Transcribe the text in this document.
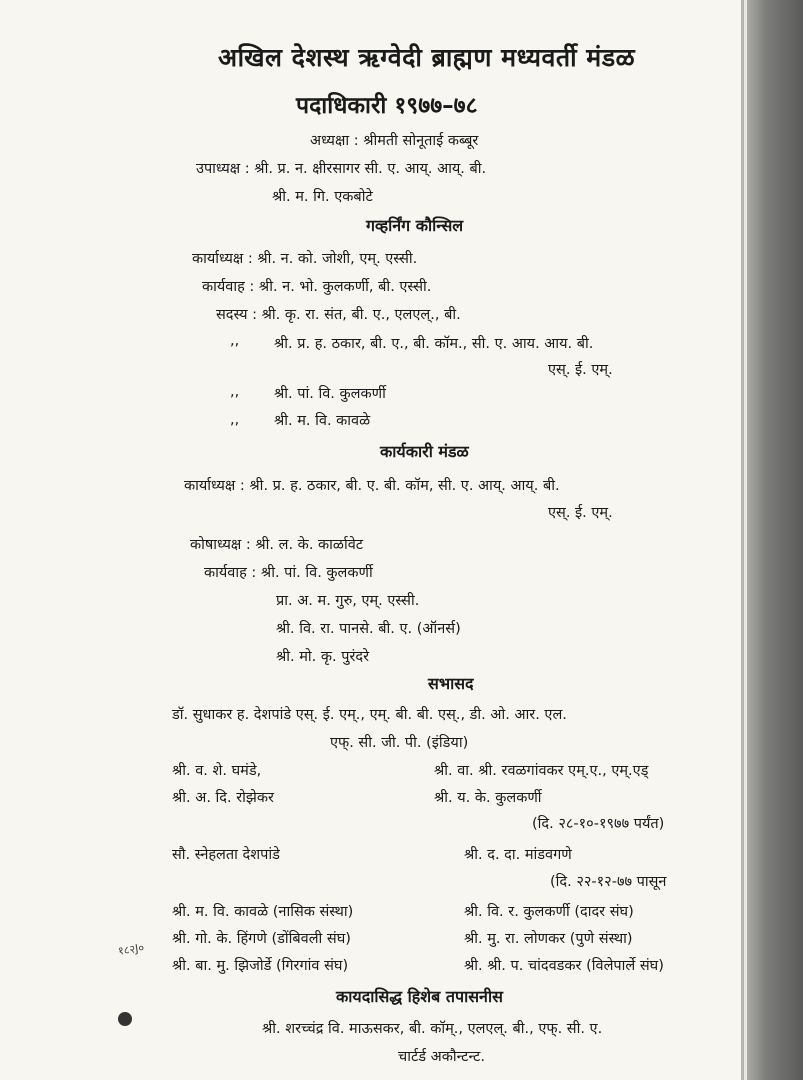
अखिल देशस्थ ऋग्वेदी ब्राह्मण मध्यवर्ती मंडळ
पदाधिकारी १९७७–७८
अध्यक्षा : श्रीमती सोनूताई कब्बूर
उपाध्यक्ष : श्री. प्र. न. क्षीरसागर सी. ए. आय्. आय्. बी.
श्री. म. गि. एकबोटे
गव्हर्निंग कौन्सिल
कार्याध्यक्ष : श्री. न. को. जोशी, एम्. एस्सी.
कार्यवाह : श्री. न. भो. कुलकर्णी, बी. एस्सी.
सदस्य : श्री. कृ. रा. संत, बी. ए., एलएल्., बी.
,, श्री. प्र. ह. ठकार, बी. ए., बी. कॉम., सी. ए. आय. आय. बी.
एस्. ई. एम्.
,, श्री. पां. वि. कुलकर्णी
,, श्री. म. वि. कावळे
कार्यकारी मंडळ
कार्याध्यक्ष : श्री. प्र. ह. ठकार, बी. ए. बी. कॉम, सी. ए. आय्. आय्. बी.
एस्. ई. एम्.
कोषाध्यक्ष : श्री. ल. के. कार्ळावेट
कार्यवाह : श्री. पां. वि. कुलकर्णी
प्रा. अ. म. गुरु, एम्. एस्सी.
श्री. वि. रा. पानसे. बी. ए. (ऑनर्स)
श्री. मो. कृ. पुरंदरे
सभासद
डॉ. सुधाकर ह. देशपांडे एस्. ई. एम्., एम्. बी. बी. एस्., डी. ओ. आर. एल.
एफ्. सी. जी. पी. (इंडिया)
श्री. व. शे. घमंडे,	श्री. वा. श्री. रवळगांवकर एम्.ए., एम्.एड्
श्री. अ. दि. रोझेकर	श्री. य. के. कुलकर्णी
(दि. २८-१०-१९७७ पर्यंत)
सौ. स्नेहलता देशपांडे	श्री. द. दा. मांडवगणे
(दि. २२-१२-७७ पासून
श्री. म. वि. कावळे (नासिक संस्था)	श्री. वि. र. कुलकर्णी (दादर संघ)
श्री. गो. के. हिंगणे (डोंबिवली संघ)	श्री. मु. रा. लोणकर (पुणे संस्था)
श्री. बा. मु. झिजोर्डे (गिरगांव संघ)	श्री. श्री. प. चांदवडकर (विलेपार्ले संघ)
कायदासिद्ध हिशेब तपासनीस
श्री. शरच्चंद्र वि. माऊसकर, बी. कॉम्., एलएल्. बी., एफ्. सी. ए.
चार्टर्ड अकौन्टन्ट.
१८२J०
